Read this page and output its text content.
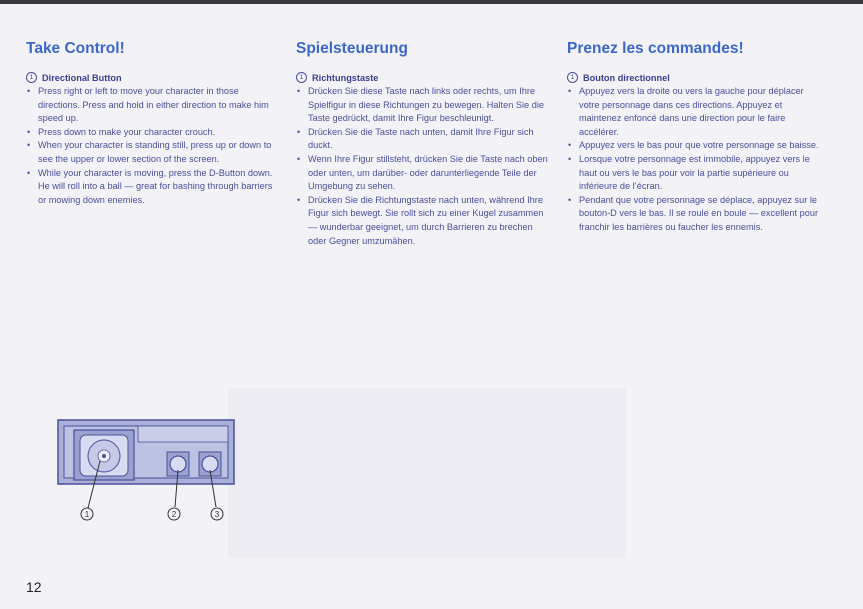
Take Control!
1 Directional Button
• Press right or left to move your character in those directions. Press and hold in either direction to make him speed up.
• Press down to make your character crouch.
• When your character is standing still, press up or down to see the upper or lower section of the screen.
• While your character is moving, press the D-Button down. He will roll into a ball — great for bashing through barriers or mowing down enemies.
Spielsteuerung
1 Richtungstaste
• Drücken Sie diese Taste nach links oder rechts, um Ihre Spielfigur in diese Richtungen zu bewegen. Halten Sie die Taste gedrückt, damit Ihre Figur beschleunigt.
• Drücken Sie die Taste nach unten, damit Ihre Figur sich duckt.
• Wenn Ihre Figur stillsteht, drücken Sie die Taste nach oben oder unten, um darüber- oder darunterliegende Teile der Umgebung zu sehen.
• Drücken Sie die Richtungstaste nach unten, während Ihre Figur sich bewegt. Sie rollt sich zu einer Kugel zusammen — wunderbar geeignet, um durch Barrieren zu brechen oder Gegner umzumähen.
Prenez les commandes!
1 Bouton directionnel
• Appuyez vers la droite ou vers la gauche pour déplacer votre personnage dans ces directions. Appuyez et maintenez enfoncé dans une direction pour le faire accélérer.
• Appuyez vers le bas pour que votre personnage se baisse.
• Lorsque votre personnage est immobile, appuyez vers le haut ou vers le bas pour voir la partie supérieure ou inférieure de l’écran.
• Pendant que votre personnage se déplace, appuyez sur le bouton-D vers le bas. Il se roule en boule — excellent pour franchir les barrières ou faucher les ennemis.
1	2	3
12
